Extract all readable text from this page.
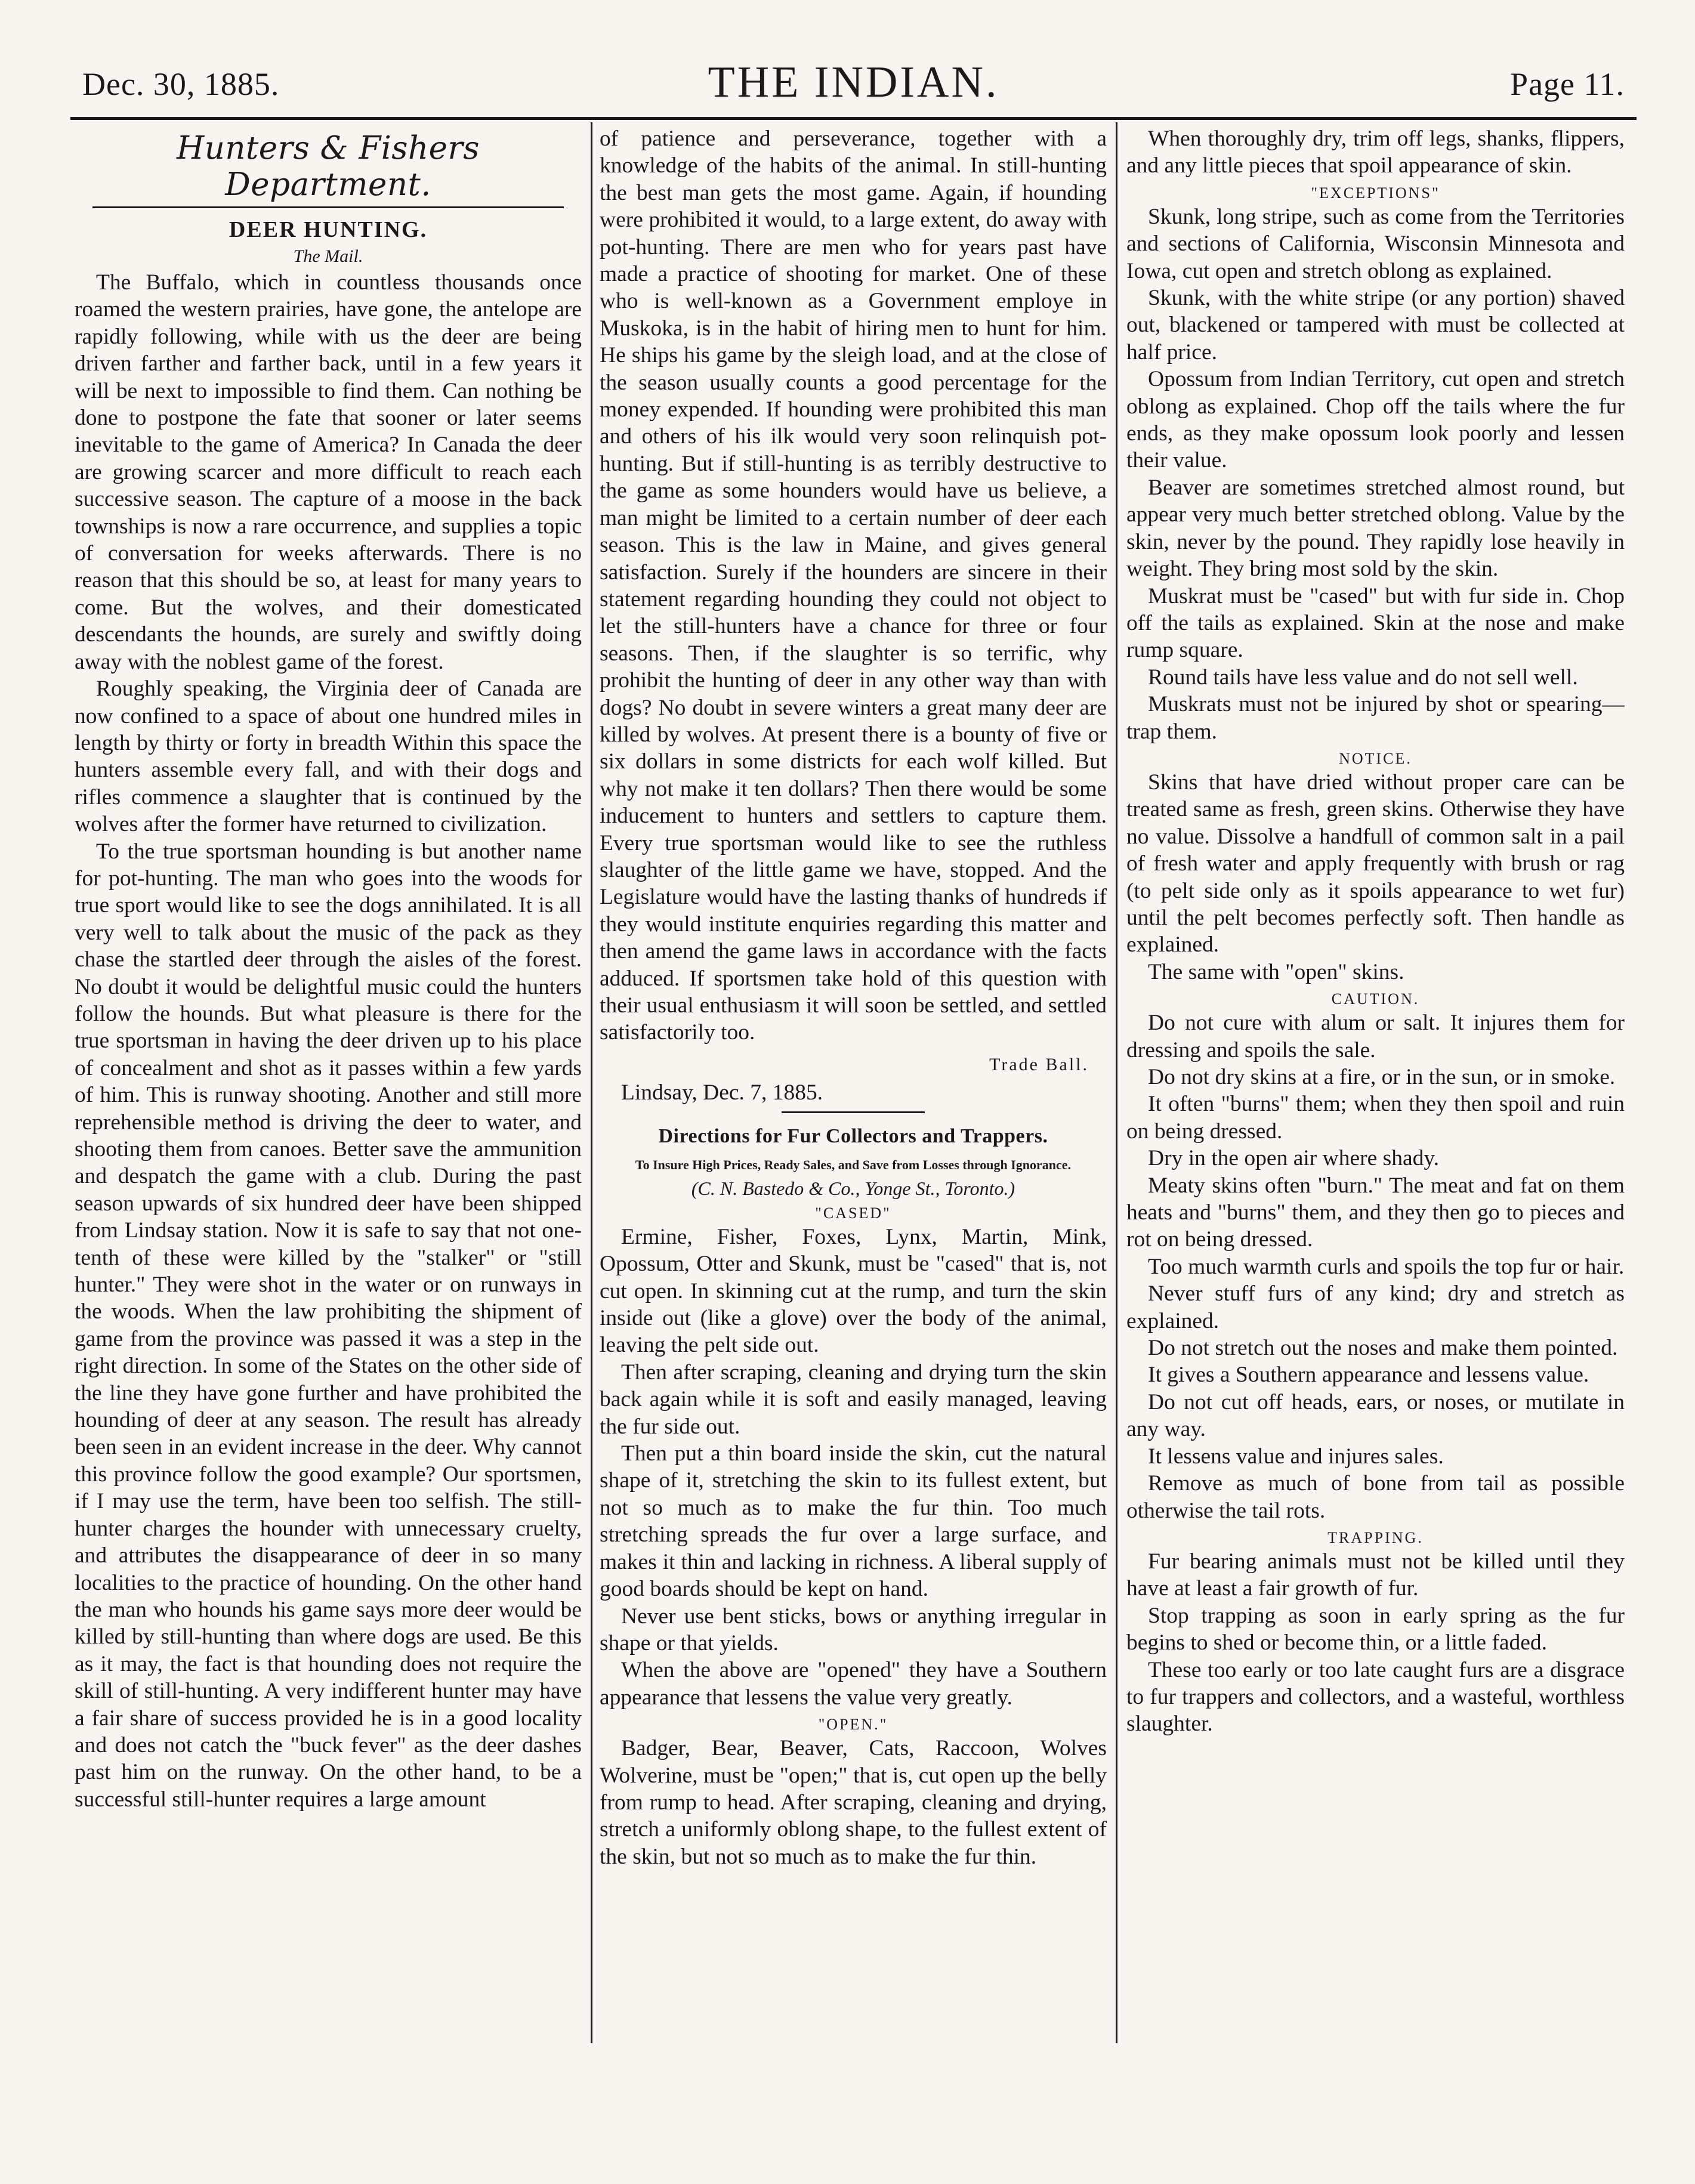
Dec. 30, 1885.	THE INDIAN.	Page 11.
Hunters & Fishers Department.
DEER HUNTING.
The Mail.

The Buffalo, which in countless thousands once roamed the western prairies, have gone, the antelope are rapidly following, while with us the deer are being driven farther and farther back, until in a few years it will be next to impossible to find them. Can nothing be done to postpone the fate that sooner or later seems inevitable to the game of America? In Canada the deer are growing scarcer and more difficult to reach each successive season. The capture of a moose in the back townships is now a rare occurrence, and supplies a topic of conversation for weeks afterwards. There is no reason that this should be so, at least for many years to come. But the wolves, and their domesticated descendants the hounds, are surely and swiftly doing away with the noblest game of the forest.

Roughly speaking, the Virginia deer of Canada are now confined to a space of about one hundred miles in length by thirty or forty in breadth Within this space the hunters assemble every fall, and with their dogs and rifles commence a slaughter that is continued by the wolves after the former have returned to civilization.

To the true sportsman hounding is but another name for pot-hunting. The man who goes into the woods for true sport would like to see the dogs annihilated. It is all very well to talk about the music of the pack as they chase the startled deer through the aisles of the forest. No doubt it would be delightful music could the hunters follow the hounds. But what pleasure is there for the true sportsman in having the deer driven up to his place of concealment and shot as it passes within a few yards of him. This is runway shooting. Another and still more reprehensible method is driving the deer to water, and shooting them from canoes. Better save the ammunition and despatch the game with a club. During the past season upwards of six hundred deer have been shipped from Lindsay station. Now it is safe to say that not one-tenth of these were killed by the "stalker" or "still hunter." They were shot in the water or on runways in the woods. When the law prohibiting the shipment of game from the province was passed it was a step in the right direction. In some of the States on the other side of the line they have gone further and have prohibited the hounding of deer at any season. The result has already been seen in an evident increase in the deer. Why cannot this province follow the good example? Our sportsmen, if I may use the term, have been too selfish. The still-hunter charges the hounder with unnecessary cruelty, and attributes the disappearance of deer in so many localities to the practice of hounding. On the other hand the man who hounds his game says more deer would be killed by still-hunting than where dogs are used. Be this as it may, the fact is that hounding does not require the skill of still-hunting. A very indifferent hunter may have a fair share of success provided he is in a good locality and does not catch the "buck fever" as the deer dashes past him on the runway. On the other hand, to be a successful still-hunter requires a large amount

of patience and perseverance, together with a knowledge of the habits of the animal. In still-hunting the best man gets the most game. Again, if hounding were prohibited it would, to a large extent, do away with pot-hunting. There are men who for years past have made a practice of shooting for market. One of these who is well-known as a Government employe in Muskoka, is in the habit of hiring men to hunt for him. He ships his game by the sleigh load, and at the close of the season usually counts a good percentage for the money expended. If hounding were prohibited this man and others of his ilk would very soon relinquish pot-hunting. But if still-hunting is as terribly destructive to the game as some hounders would have us believe, a man might be limited to a certain number of deer each season. This is the law in Maine, and gives general satisfaction. Surely if the hounders are sincere in their statement regarding hounding they could not object to let the still-hunters have a chance for three or four seasons. Then, if the slaughter is so terrific, why prohibit the hunting of deer in any other way than with dogs? No doubt in severe winters a great many deer are killed by wolves. At present there is a bounty of five or six dollars in some districts for each wolf killed. But why not make it ten dollars? Then there would be some inducement to hunters and settlers to capture them. Every true sportsman would like to see the ruthless slaughter of the little game we have, stopped. And the Legislature would have the lasting thanks of hundreds if they would institute enquiries regarding this matter and then amend the game laws in accordance with the facts adduced. If sportsmen take hold of this question with their usual enthusiasm it will soon be settled, and settled satisfactorily too.

Trade Ball.
Lindsay, Dec. 7, 1885.
Directions for Fur Collectors and Trappers.
To Insure High Prices, Ready Sales, and Save from Losses through Ignorance.
(C. N. Bastedo & Co., Yonge St., Toronto.)
"CASED"

Ermine, Fisher, Foxes, Lynx, Martin, Mink, Opossum, Otter and Skunk, must be "cased" that is, not cut open. In skinning cut at the rump, and turn the skin inside out (like a glove) over the body of the animal, leaving the pelt side out.

Then after scraping, cleaning and drying turn the skin back again while it is soft and easily managed, leaving the fur side out.

Then put a thin board inside the skin, cut the natural shape of it, stretching the skin to its fullest extent, but not so much as to make the fur thin. Too much stretching spreads the fur over a large surface, and makes it thin and lacking in richness. A liberal supply of good boards should be kept on hand.

Never use bent sticks, bows or anything irregular in shape or that yields.

When the above are "opened" they have a Southern appearance that lessens the value very greatly.

"OPEN."

Badger, Bear, Beaver, Cats, Raccoon, Wolves Wolverine, must be "open;" that is, cut open up the belly from rump to head. After scraping, cleaning and drying, stretch a uniformly oblong shape, to the fullest extent of the skin, but not so much as to make the fur thin.

When thoroughly dry, trim off legs, shanks, flippers, and any little pieces that spoil appearance of skin.

"EXCEPTIONS"

Skunk, long stripe, such as come from the Territories and sections of California, Wisconsin Minnesota and Iowa, cut open and stretch oblong as explained.

Skunk, with the white stripe (or any portion) shaved out, blackened or tampered with must be collected at half price.

Opossum from Indian Territory, cut open and stretch oblong as explained. Chop off the tails where the fur ends, as they make opossum look poorly and lessen their value.

Beaver are sometimes stretched almost round, but appear very much better stretched oblong. Value by the skin, never by the pound. They rapidly lose heavily in weight. They bring most sold by the skin.

Muskrat must be "cased" but with fur side in. Chop off the tails as explained. Skin at the nose and make rump square.

Round tails have less value and do not sell well.

Muskrats must not be injured by shot or spearing—trap them.

NOTICE.

Skins that have dried without proper care can be treated same as fresh, green skins. Otherwise they have no value. Dissolve a handfull of common salt in a pail of fresh water and apply frequently with brush or rag (to pelt side only as it spoils appearance to wet fur) until the pelt becomes perfectly soft. Then handle as explained.

The same with "open" skins.

CAUTION.

Do not cure with alum or salt. It injures them for dressing and spoils the sale.

Do not dry skins at a fire, or in the sun, or in smoke.

It often "burns" them; when they then spoil and ruin on being dressed.

Dry in the open air where shady.

Meaty skins often "burn." The meat and fat on them heats and "burns" them, and they then go to pieces and rot on being dressed.

Too much warmth curls and spoils the top fur or hair.

Never stuff furs of any kind; dry and stretch as explained.

Do not stretch out the noses and make them pointed.

It gives a Southern appearance and lessens value.

Do not cut off heads, ears, or noses, or mutilate in any way.

It lessens value and injures sales.

Remove as much of bone from tail as possible otherwise the tail rots.

TRAPPING.

Fur bearing animals must not be killed until they have at least a fair growth of fur.

Stop trapping as soon in early spring as the fur begins to shed or become thin, or a little faded.

These too early or too late caught furs are a disgrace to fur trappers and collectors, and a wasteful, worthless slaughter.
